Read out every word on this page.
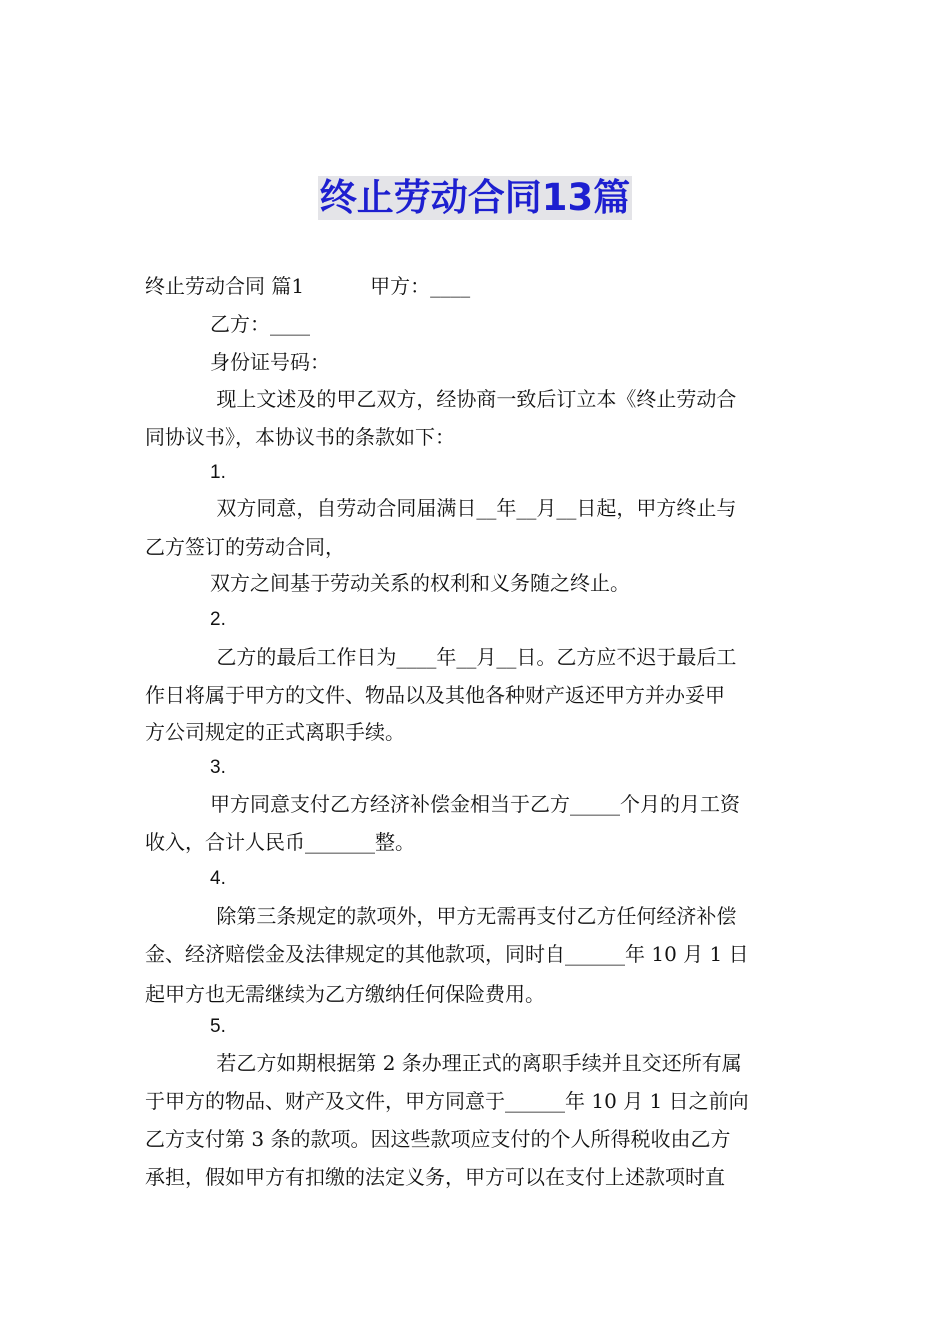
终止劳动合同13篇
终止劳动合同 篇1	甲方：____
乙方：____
身份证号码：
现上文述及的甲乙双方，经协商一致后订立本《终止劳动合
同协议书》，本协议书的条款如下：
1.
双方同意，自劳动合同届满日__年__月__日起，甲方终止与
乙方签订的劳动合同，
双方之间基于劳动关系的权利和义务随之终止。
2.
乙方的最后工作日为____年__月__日。乙方应不迟于最后工
作日将属于甲方的文件、物品以及其他各种财产返还甲方并办妥甲
方公司规定的正式离职手续。
3.
甲方同意支付乙方经济补偿金相当于乙方_____个月的月工资
收入，合计人民币_______整。
4.
除第三条规定的款项外，甲方无需再支付乙方任何经济补偿
金、经济赔偿金及法律规定的其他款项，同时自______年 10 月 1 日
起甲方也无需继续为乙方缴纳任何保险费用。
5.
若乙方如期根据第 2 条办理正式的离职手续并且交还所有属
于甲方的物品、财产及文件，甲方同意于______年 10 月 1 日之前向
乙方支付第 3 条的款项。因这些款项应支付的个人所得税收由乙方
承担，假如甲方有扣缴的法定义务，甲方可以在支付上述款项时直
